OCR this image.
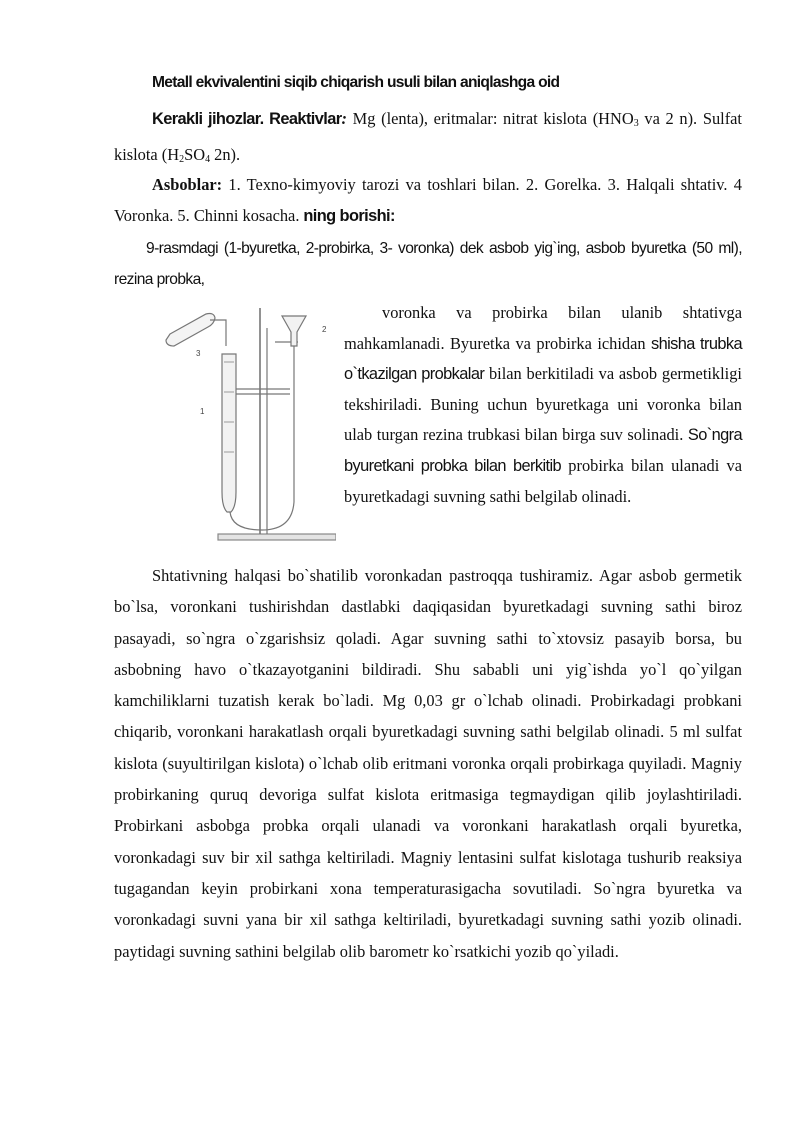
Metall ekvivalentini siqib chiqarish usuli bilan aniqlashga oid

Kerakli jihozlar. Reaktivlar: Mg (lenta), eritmalar: nitrat kislota ($HNO_3$ va 2 n). Sulfat kislota ($H_2SO_4$ 2n).

Asboblar: 1. Texno-kimyoviy tarozi va toshlari bilan. 2. Gorelka. 3. Halqali shtativ. 4 Voronka. 5. Chinni kosacha. ning borishi:

9-rasmdagi (1-byuretka, 2-probirka, 3- voronka) dek asbob yig`ing, asbob byuretka (50 ml), rezina probka,

1
2
3

voronka va probirka bilan ulanib shtativga mahkamlanadi. Byuretka va probirka ichidan shisha trubka o`tkazilgan probkalar bilan berkitiladi va asbob germetikligi tekshiriladi. Buning uchun byuretkaga uni voronka bilan ulab turgan rezina trubkasi bilan birga suv solinadi. So`ngra byuretkani probka bilan berkitib probirka bilan ulanadi va byuretkadagi suvning sathi belgilab olinadi.

Shtativning halqasi bo`shatilib voronkadan pastroqqa tushiramiz. Agar asbob germetik bo`lsa, voronkani tushirishdan dastlabki daqiqasidan byuretkadagi suvning sathi biroz pasayadi, so`ngra o`zgarishsiz qoladi. Agar suvning sathi to`xtovsiz pasayib borsa, bu asbobning havo o`tkazayotganini bildiradi. Shu sababli uni yig`ishda yo`l qo`yilgan kamchiliklarni tuzatish kerak bo`ladi. Mg 0,03 gr o`lchab olinadi. Probirkadagi probkani chiqarib, voronkani harakatlash orqali byuretkadagi suvning sathi belgilab olinadi. 5 ml sulfat kislota (suyultirilgan kislota) o`lchab olib eritmani voronka orqali probirkaga quyiladi. Magniy probirkaning quruq devoriga sulfat kislota eritmasiga tegmaydigan qilib joylashtiriladi. Probirkani asbobga probka orqali ulanadi va voronkani harakatlash orqali byuretka, voronkadagi suv bir xil sathga keltiriladi. Magniy lentasini sulfat kislotaga tushurib reaksiya tugagandan keyin probirkani xona temperaturasigacha sovutiladi. So`ngra byuretka va voronkadagi suvni yana bir xil sathga keltiriladi, byuretkadagi suvning sathi yozib olinadi. paytidagi suvning sathini belgilab olib barometr ko`rsatkichi yozib qo`yiladi.
